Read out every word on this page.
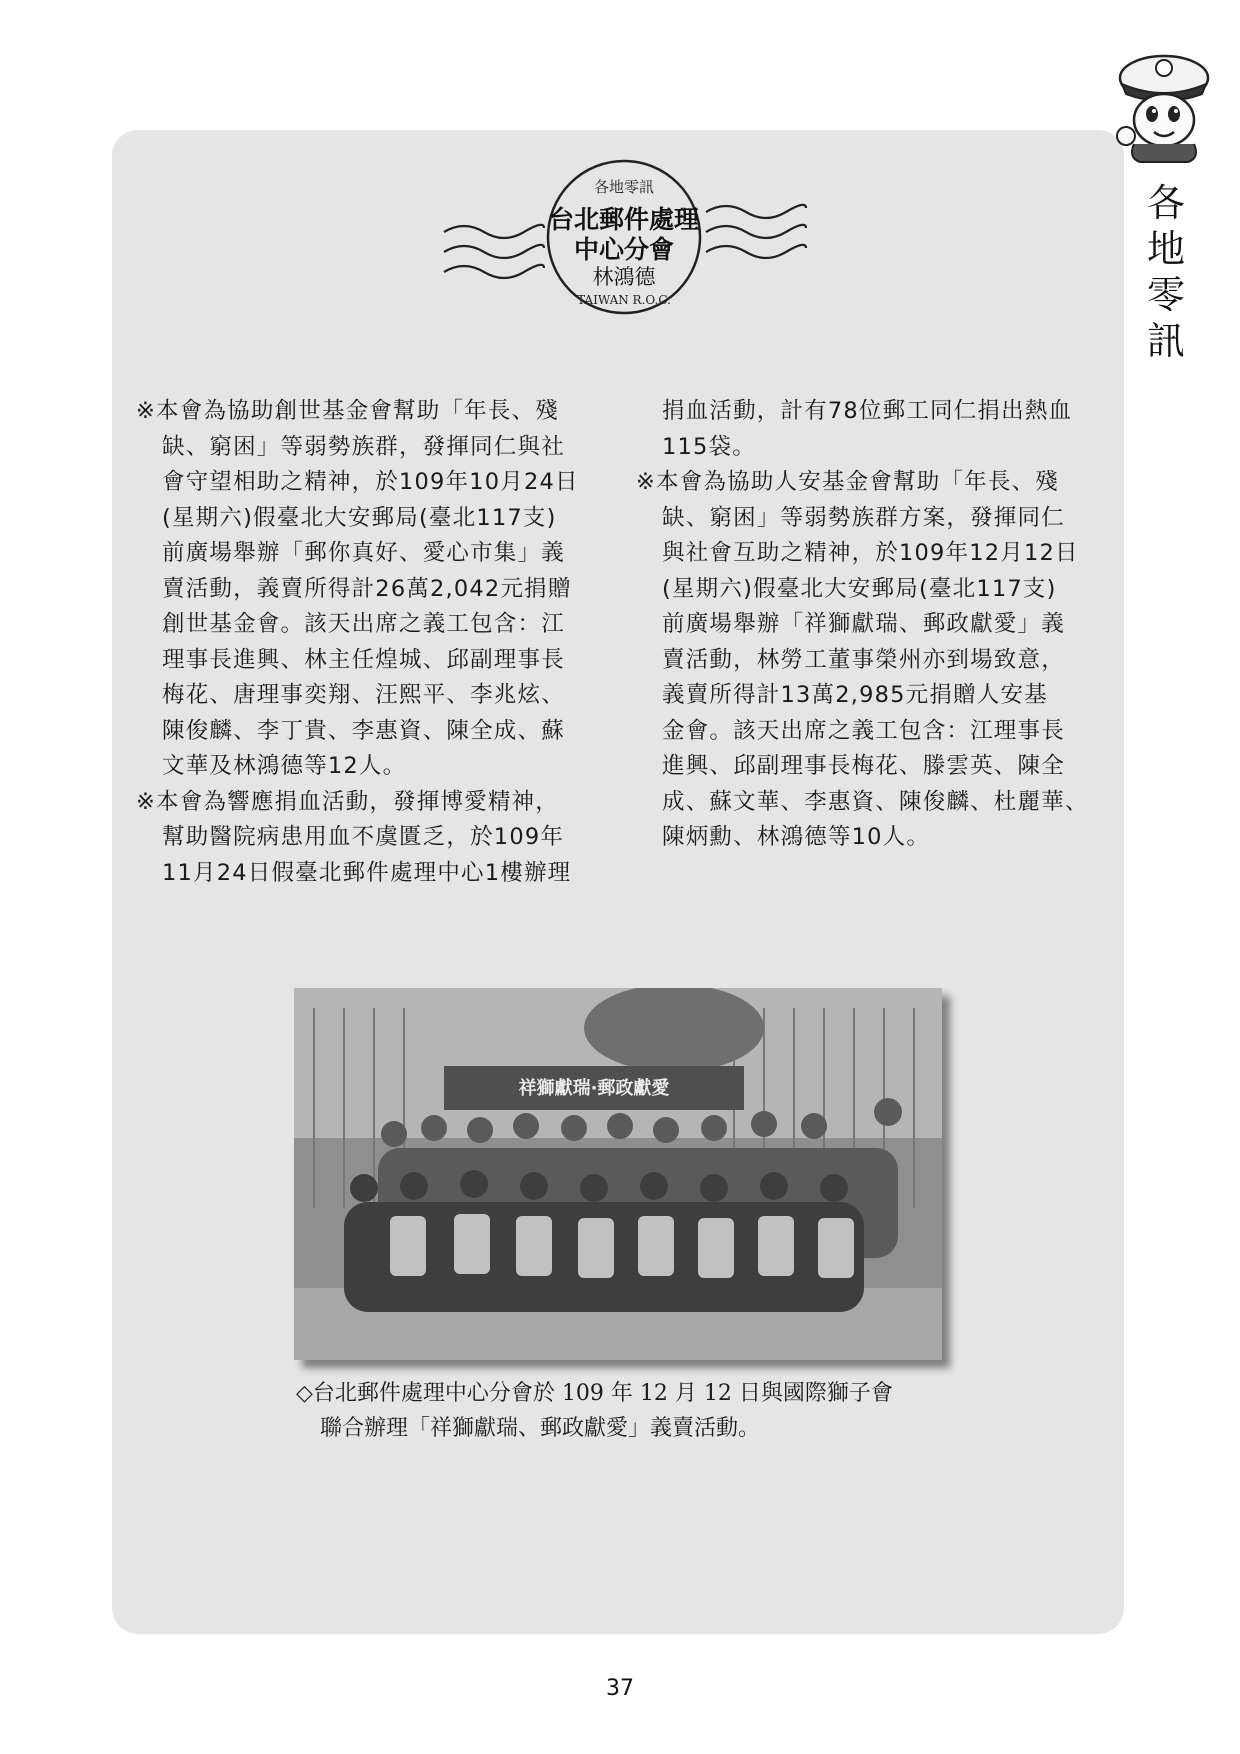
各
地
零
訊
各地零訊
台北郵件處理
中心分會
林鴻德
TAIWAN R.O.C.

※本會為協助創世基金會幫助「年長、殘
缺、窮困」等弱勢族群，發揮同仁與社
會守望相助之精神，於109年10月24日
(星期六)假臺北大安郵局(臺北117支)
前廣場舉辦「郵你真好、愛心市集」義
賣活動，義賣所得計26萬2,042元捐贈
創世基金會。該天出席之義工包含：江
理事長進興、林主任煌城、邱副理事長
梅花、唐理事奕翔、汪熙平、李兆炫、
陳俊麟、李丁貴、李惠資、陳全成、蘇
文華及林鴻德等12人。

※本會為響應捐血活動，發揮博愛精神，
幫助醫院病患用血不虞匱乏，於109年
11月24日假臺北郵件處理中心1樓辦理

捐血活動，計有78位郵工同仁捐出熱血
115袋。

※本會為協助人安基金會幫助「年長、殘
缺、窮困」等弱勢族群方案，發揮同仁
與社會互助之精神，於109年12月12日
(星期六)假臺北大安郵局(臺北117支)
前廣場舉辦「祥獅獻瑞、郵政獻愛」義
賣活動，林勞工董事榮州亦到場致意，
義賣所得計13萬2,985元捐贈人安基
金會。該天出席之義工包含：江理事長
進興、邱副理事長梅花、滕雲英、陳全
成、蘇文華、李惠資、陳俊麟、杜麗華、
陳炳勳、林鴻德等10人。

祥獅獻瑞·郵政獻愛

◇台北郵件處理中心分會於 109 年 12 月 12 日與國際獅子會

聯合辦理「祥獅獻瑞、郵政獻愛」義賣活動。

37
